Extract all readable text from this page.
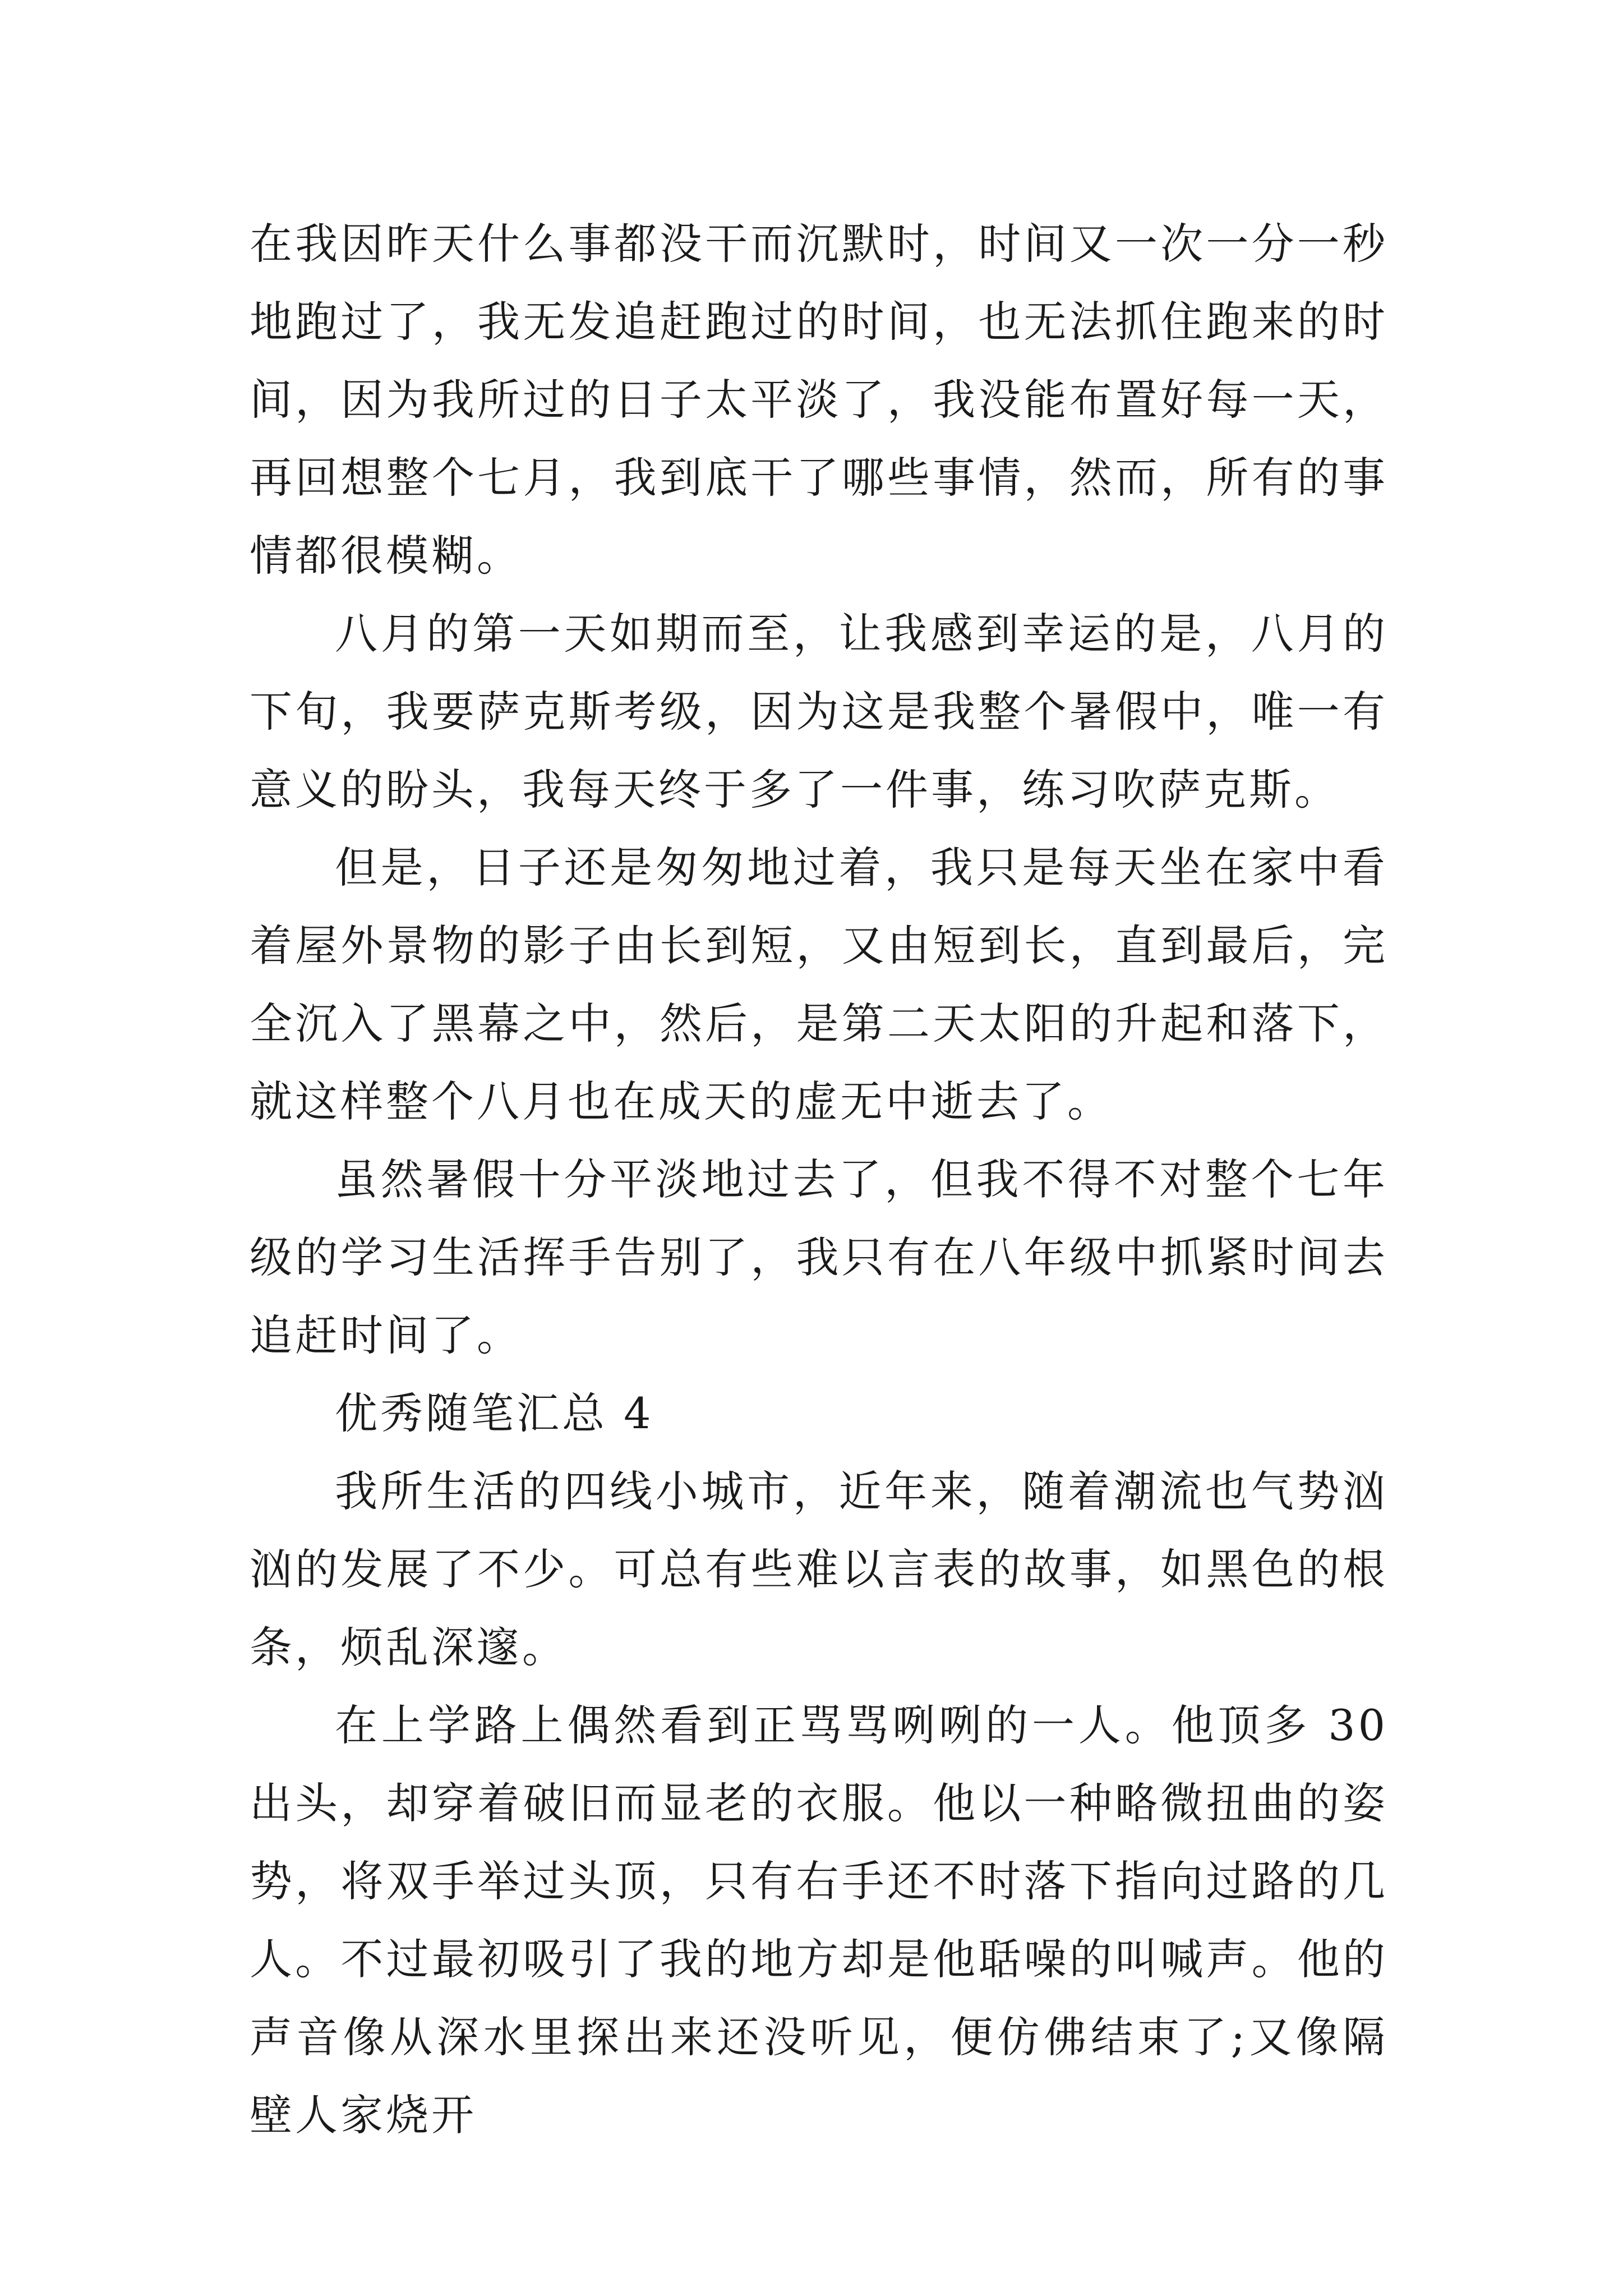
在我因昨天什么事都没干而沉默时，时间又一次一分一秒地跑过了，我无发追赶跑过的时间，也无法抓住跑来的时间，因为我所过的日子太平淡了，我没能布置好每一天，再回想整个七月，我到底干了哪些事情，然而，所有的事情都很模糊。

八月的第一天如期而至，让我感到幸运的是，八月的下旬，我要萨克斯考级，因为这是我整个暑假中，唯一有意义的盼头，我每天终于多了一件事，练习吹萨克斯。

但是，日子还是匆匆地过着，我只是每天坐在家中看着屋外景物的影子由长到短，又由短到长，直到最后，完全沉入了黑幕之中，然后，是第二天太阳的升起和落下，就这样整个八月也在成天的虚无中逝去了。

虽然暑假十分平淡地过去了，但我不得不对整个七年级的学习生活挥手告别了，我只有在八年级中抓紧时间去追赶时间了。

优秀随笔汇总 4

我所生活的四线小城市，近年来，随着潮流也气势汹汹的发展了不少。可总有些难以言表的故事，如黑色的根条，烦乱深邃。

在上学路上偶然看到正骂骂咧咧的一人。他顶多 30 出头，却穿着破旧而显老的衣服。他以一种略微扭曲的姿势，将双手举过头顶，只有右手还不时落下指向过路的几人。不过最初吸引了我的地方却是他聒噪的叫喊声。他的声音像从深水里探出来还没听见，便仿佛结束了;又像隔壁人家烧开
